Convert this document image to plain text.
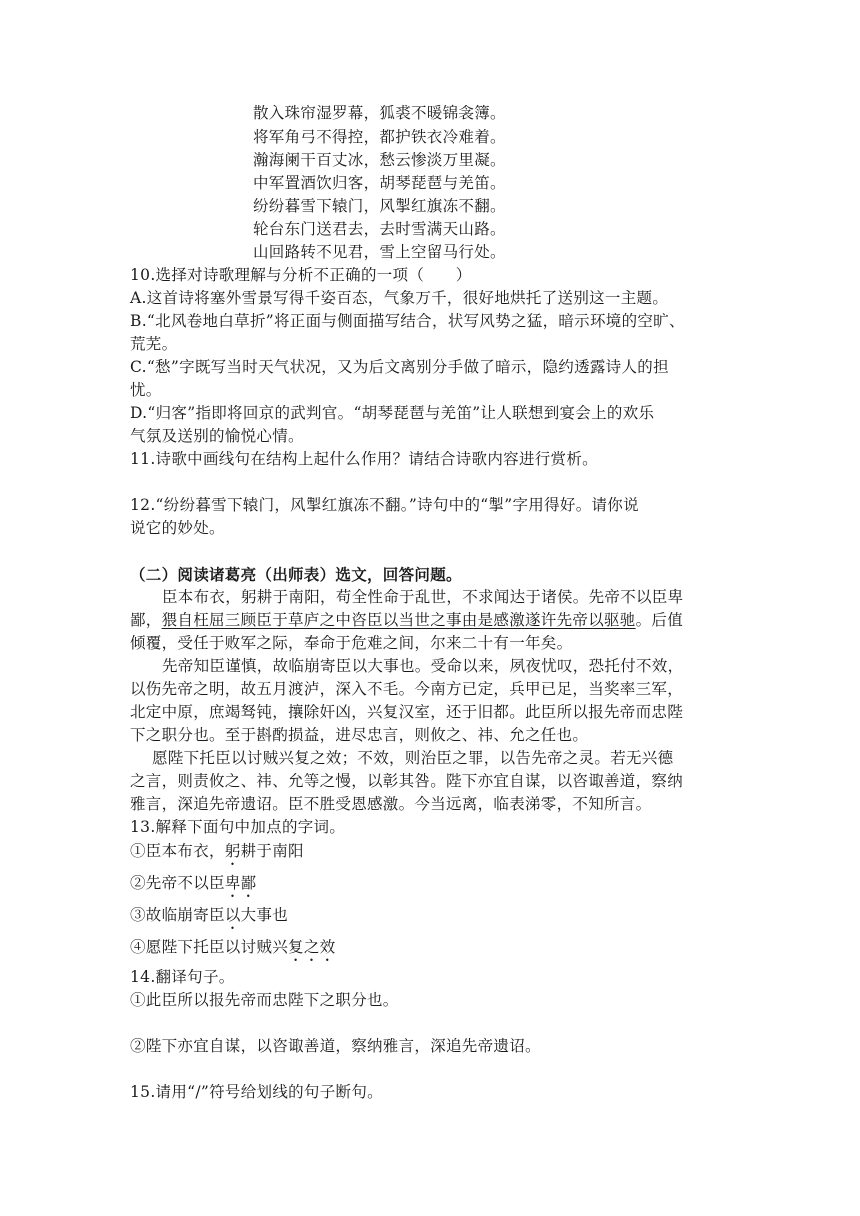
散入珠帘湿罗幕，狐裘不暖锦衾簿。
将军角弓不得控，都护铁衣冷难着。
瀚海阑干百丈冰，愁云惨淡万里凝。
中军置酒饮归客，胡琴琵琶与羌笛。
纷纷暮雪下辕门，风掣红旗冻不翻。
轮台东门送君去，去时雪满天山路。
山回路转不见君，雪上空留马行处。
10.选择对诗歌理解与分析不正确的一项（　　）
A.这首诗将塞外雪景写得千姿百态，气象万千，很好地烘托了送别这一主题。
B.“北风卷地白草折”将正面与侧面描写结合，状写风势之猛，暗示环境的空旷、
荒芜。
C.“愁”字既写当时天气状况，又为后文离别分手做了暗示，隐约透露诗人的担
忧。
D.“归客”指即将回京的武判官。“胡琴琵琶与羌笛”让人联想到宴会上的欢乐
气氛及送别的愉悦心情。
11.诗歌中画线句在结构上起什么作用？请结合诗歌内容进行赏析。
12.“纷纷暮雪下辕门，风掣红旗冻不翻。”诗句中的“掣”字用得好。请你说
说它的妙处。
（二）阅读诸葛亮（出师表）选文，回答问题。
臣本布衣，躬耕于南阳，苟全性命于乱世，不求闻达于诸侯。先帝不以臣卑
鄙，猥自枉屈三顾臣于草庐之中咨臣以当世之事由是感激遂许先帝以驱驰。后值
倾覆，受任于败军之际，奉命于危难之间，尔来二十有一年矣。
先帝知臣谨慎，故临崩寄臣以大事也。受命以来，夙夜忧叹，恐托付不效，
以伤先帝之明，故五月渡泸，深入不毛。今南方已定，兵甲已足，当奖率三军，
北定中原，庶竭驽钝，攘除奸凶，兴复汉室，还于旧都。此臣所以报先帝而忠陛
下之职分也。至于斟酌损益，进尽忠言，则攸之、祎、允之任也。
愿陛下托臣以讨贼兴复之效；不效，则治臣之罪，以告先帝之灵。若无兴德
之言，则责攸之、祎、允等之慢，以彰其咎。陛下亦宜自谋，以咨诹善道，察纳
雅言，深追先帝遗诏。臣不胜受恩感激。今当远离，临表涕零，不知所言。
13.解释下面句中加点的字词。
①臣本布衣，躬耕于南阳
②先帝不以臣卑鄙
③故临崩寄臣以大事也
④愿陛下托臣以讨贼兴复之效
14.翻译句子。
①此臣所以报先帝而忠陛下之职分也。
②陛下亦宜自谋，以咨诹善道，察纳雅言，深追先帝遗诏。
15.请用“/”符号给划线的句子断句。
